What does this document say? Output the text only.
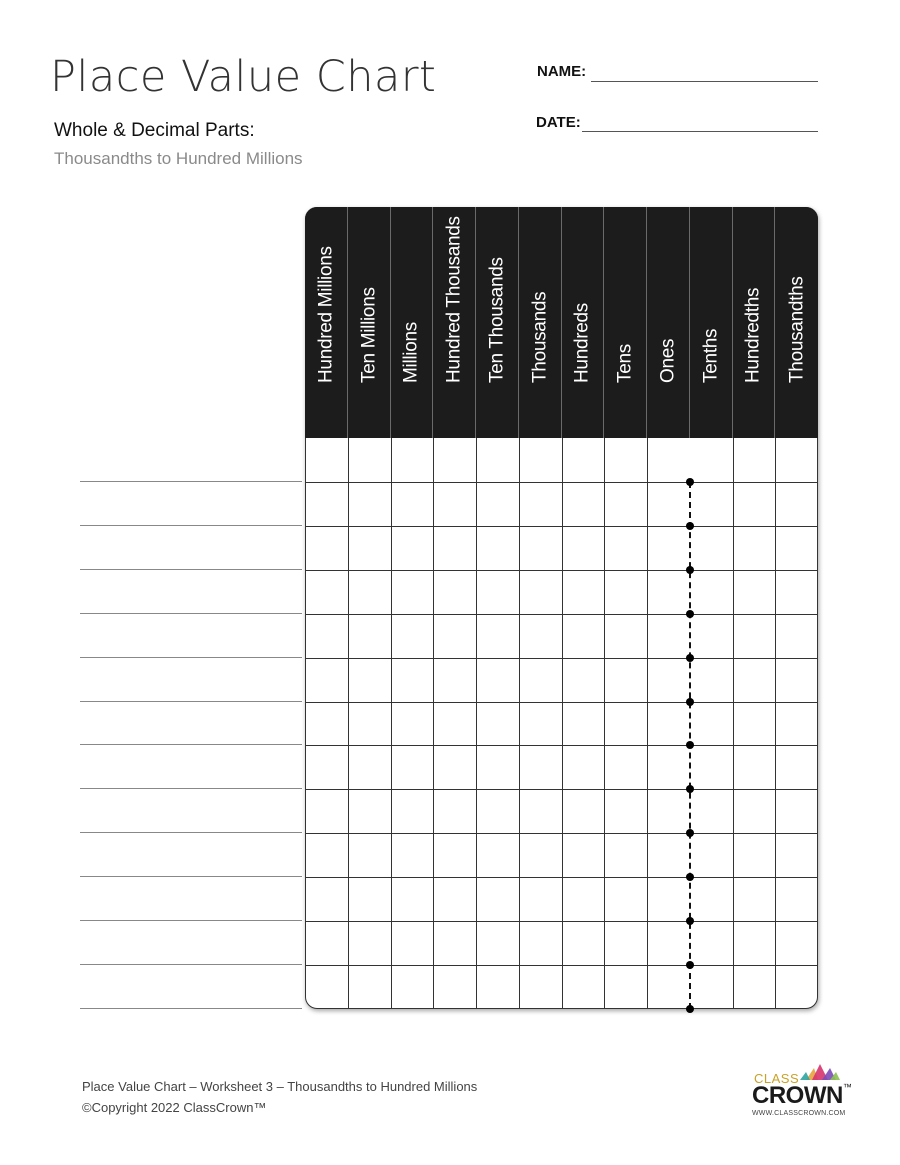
Place Value Chart
Whole & Decimal Parts:
Thousandths to Hundred Millions
NAME:
DATE:
Hundred Millions Ten Millions Millions Hundred Thousands Ten Thousands Thousands Hundreds Tens Ones Tenths Hundredths Thousandths
Place Value Chart – Worksheet 3 – Thousandths to Hundred Millions
©Copyright 2022 ClassCrown™
CLASS
CROWN™
WWW.CLASSCROWN.COM
